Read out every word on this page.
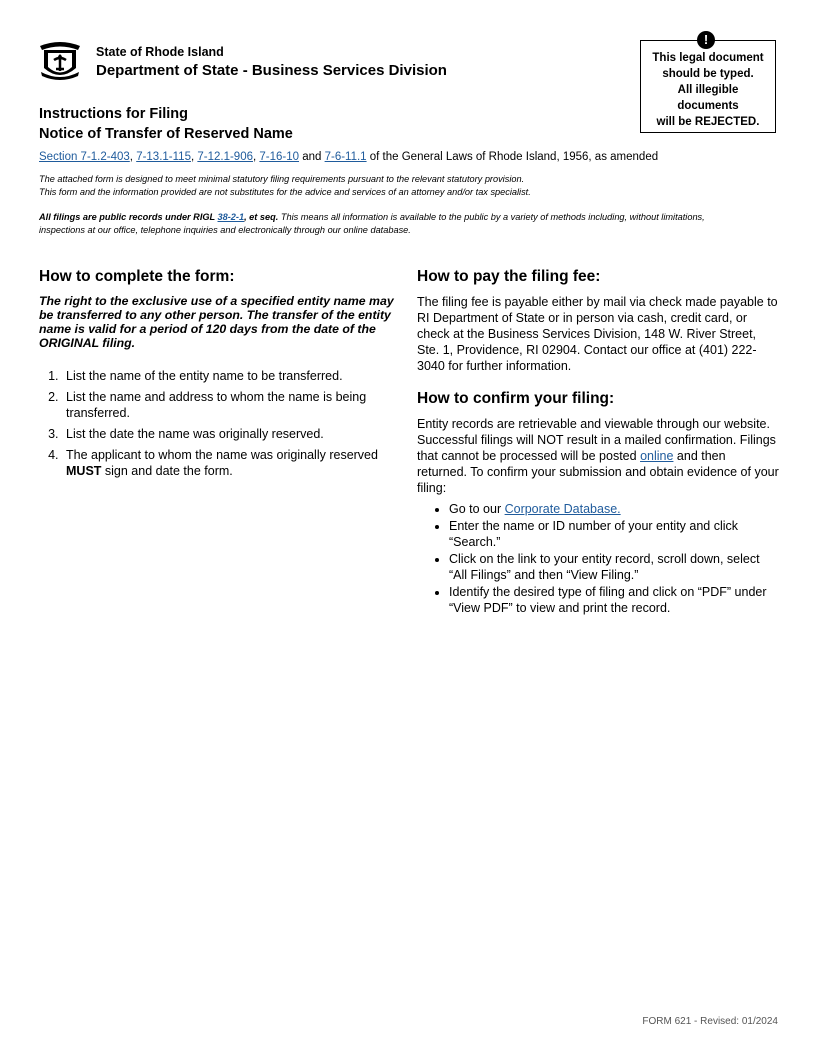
State of Rhode Island
Department of State - Business Services Division
This legal document
should be typed.
All illegible
documents
will be REJECTED.
!
Instructions for Filing
Notice of Transfer of Reserved Name
Section 7-1.2-403, 7-13.1-115, 7-12.1-906, 7-16-10 and 7-6-11.1 of the General Laws of Rhode Island, 1956, as amended
The attached form is designed to meet minimal statutory filing requirements pursuant to the relevant statutory provision.
This form and the information provided are not substitutes for the advice and services of an attorney and/or tax specialist.
All filings are public records under RIGL 38-2-1, et seq. This means all information is available to the public by a variety of methods including, without limitations, inspections at our office, telephone inquiries and electronically through our online database.
How to complete the form:

The right to the exclusive use of a specified entity name may be transferred to any other person. The transfer of the entity name is valid for a period of 120 days from the date of the ORIGINAL filing.

1. List the name of the entity name to be transferred.
2. List the name and address to whom the name is being transferred.
3. List the date the name was originally reserved.
4. The applicant to whom the name was originally reserved MUST sign and date the form.
How to pay the filing fee:

The filing fee is payable either by mail via check made payable to RI Department of State or in person via cash, credit card, or check at the Business Services Division, 148 W. River Street, Ste. 1, Providence, RI 02904. Contact our office at (401) 222-3040 for further information.

How to confirm your filing:

Entity records are retrievable and viewable through our website. Successful filings will NOT result in a mailed confirmation. Filings that cannot be processed will be posted online and then returned. To confirm your submission and obtain evidence of your filing:

• Go to our Corporate Database.
• Enter the name or ID number of your entity and click “Search.”
• Click on the link to your entity record, scroll down, select “All Filings” and then “View Filing.”
• Identify the desired type of filing and click on “PDF” under “View PDF” to view and print the record.
FORM 621 - Revised: 01/2024
